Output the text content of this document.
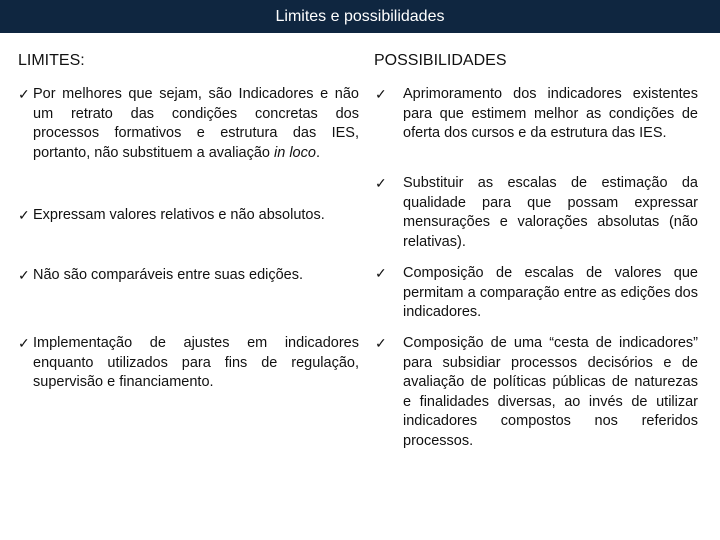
Limites e possibilidades
LIMITES:
✓ Por melhores que sejam, são Indicadores e não um retrato das condições concretas dos processos formativos e estrutura das IES, portanto, não substituem a avaliação in loco.
✓ Expressam valores relativos e não absolutos.
✓ Não são comparáveis entre suas edições.
✓ Implementação de ajustes em indicadores enquanto utilizados para fins de regulação, supervisão e financiamento.
POSSIBILIDADES
✓ Aprimoramento dos indicadores existentes para que estimem melhor as condições de oferta dos cursos e da estrutura das IES.
✓ Substituir as escalas de estimação da qualidade para que possam expressar mensurações e valorações absolutas (não relativas).
✓ Composição de escalas de valores que permitam a comparação entre as edições dos indicadores.
✓ Composição de uma “cesta de indicadores” para subsidiar processos decisórios e de avaliação de políticas públicas de naturezas e finalidades diversas, ao invés de utilizar indicadores compostos nos referidos processos.
